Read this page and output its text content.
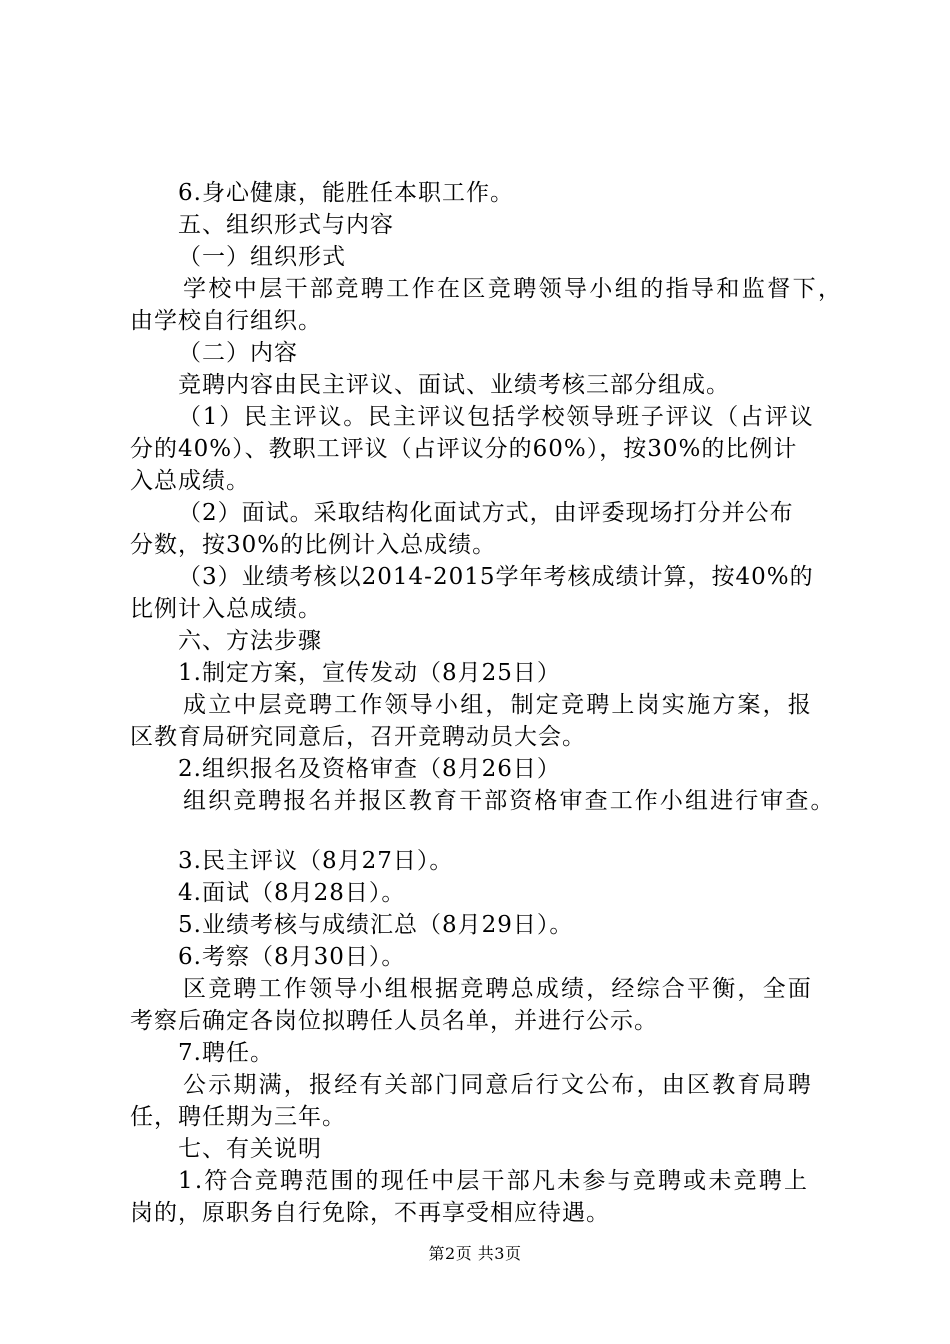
6.身心健康，能胜任本职工作。
五、组织形式与内容
（一）组织形式
学校中层干部竞聘工作在区竞聘领导小组的指导和监督下，
由学校自行组织。
（二）内容
竞聘内容由民主评议、面试、业绩考核三部分组成。
（1）民主评议。民主评议包括学校领导班子评议（占评议
分的40%）、教职工评议（占评议分的60%），按30%的比例计
入总成绩。
（2）面试。采取结构化面试方式，由评委现场打分并公布
分数，按30%的比例计入总成绩。
（3）业绩考核以2014-2015学年考核成绩计算，按40%的
比例计入总成绩。
六、方法步骤
1.制定方案，宣传发动（8月25日）
成立中层竞聘工作领导小组，制定竞聘上岗实施方案，报
区教育局研究同意后，召开竞聘动员大会。
2.组织报名及资格审查（8月26日）
组织竞聘报名并报区教育干部资格审查工作小组进行审查。
3.民主评议（8月27日）。
4.面试（8月28日）。
5.业绩考核与成绩汇总（8月29日）。
6.考察（8月30日）。
区竞聘工作领导小组根据竞聘总成绩，经综合平衡，全面
考察后确定各岗位拟聘任人员名单，并进行公示。
7.聘任。
公示期满，报经有关部门同意后行文公布，由区教育局聘
任，聘任期为三年。
七、有关说明
1.符合竞聘范围的现任中层干部凡未参与竞聘或未竞聘上
岗的，原职务自行免除，不再享受相应待遇。
第2页 共3页
